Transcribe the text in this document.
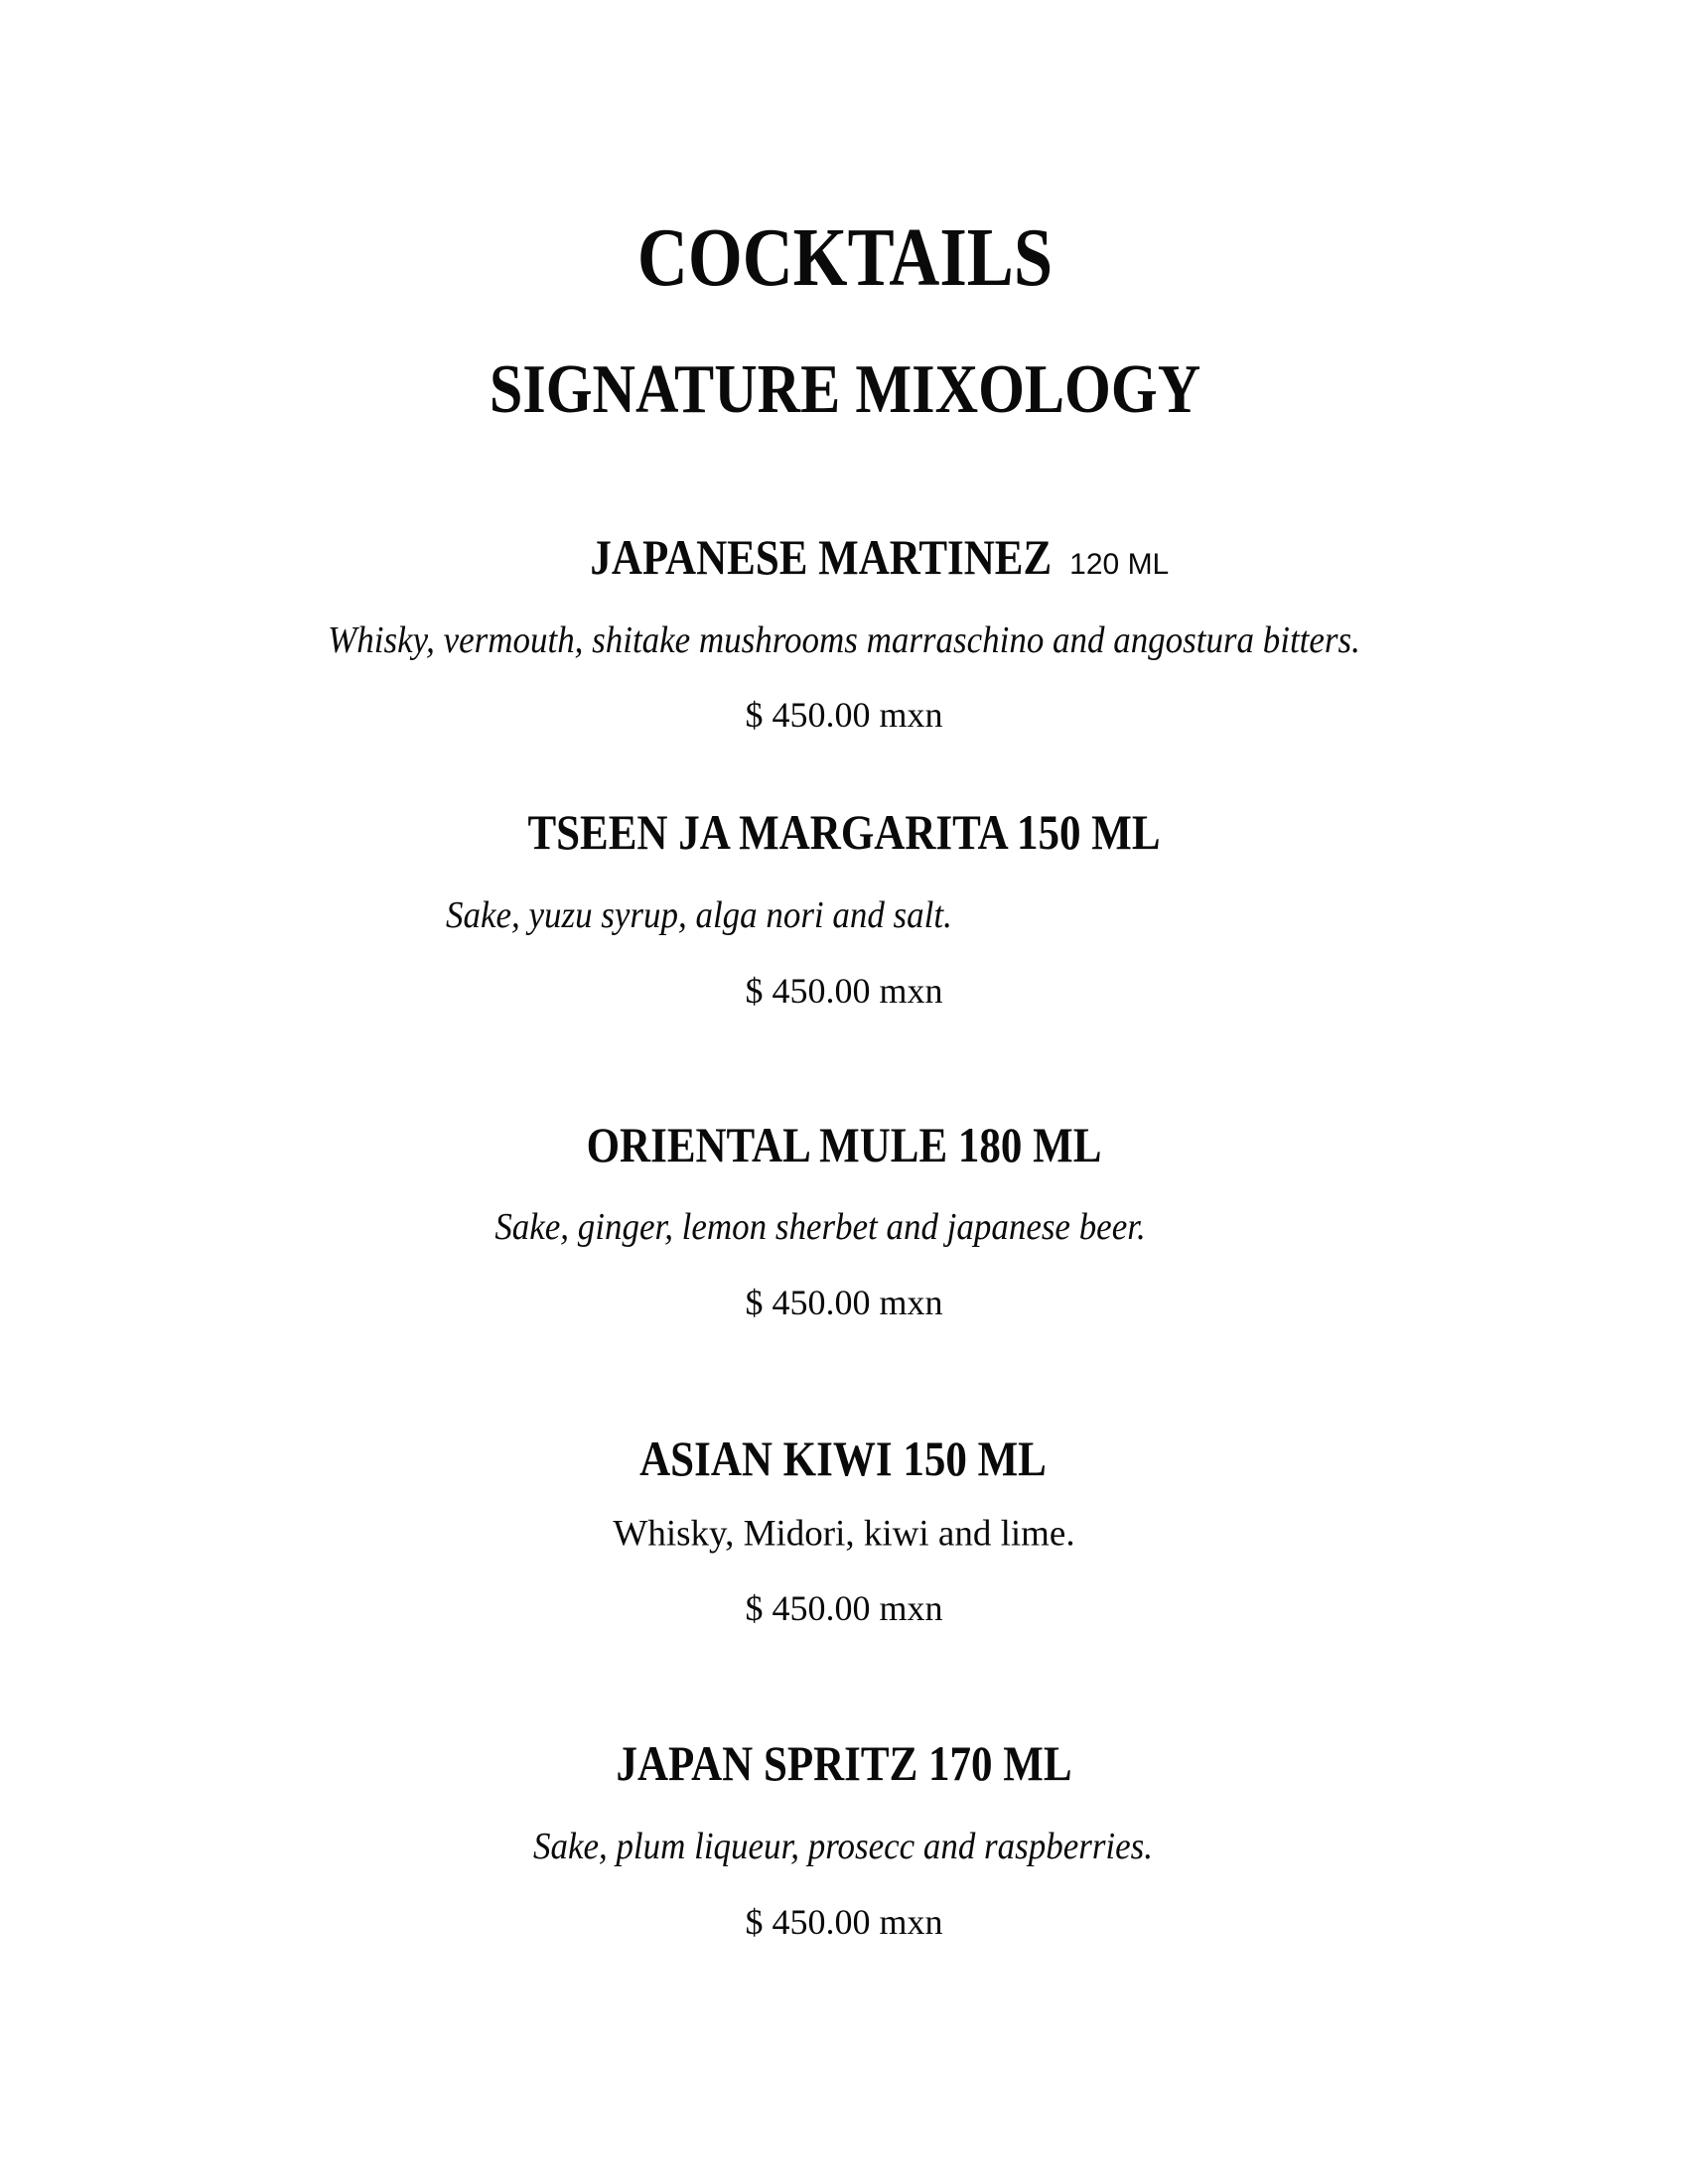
COCKTAILS
SIGNATURE MIXOLOGY
JAPANESE MARTINEZ 120 ML
Whisky, vermouth, shitake mushrooms marraschino and angostura bitters.
$ 450.00 mxn
TSEEN JA MARGARITA 150 ML
Sake, yuzu syrup, alga nori and salt.
$ 450.00 mxn
ORIENTAL MULE 180 ML
Sake, ginger, lemon sherbet and japanese beer.
$ 450.00 mxn
ASIAN KIWI 150 ML
Whisky, Midori, kiwi and lime.
$ 450.00 mxn
JAPAN SPRITZ 170 ML
Sake, plum liqueur, prosecc and raspberries.
$ 450.00 mxn
